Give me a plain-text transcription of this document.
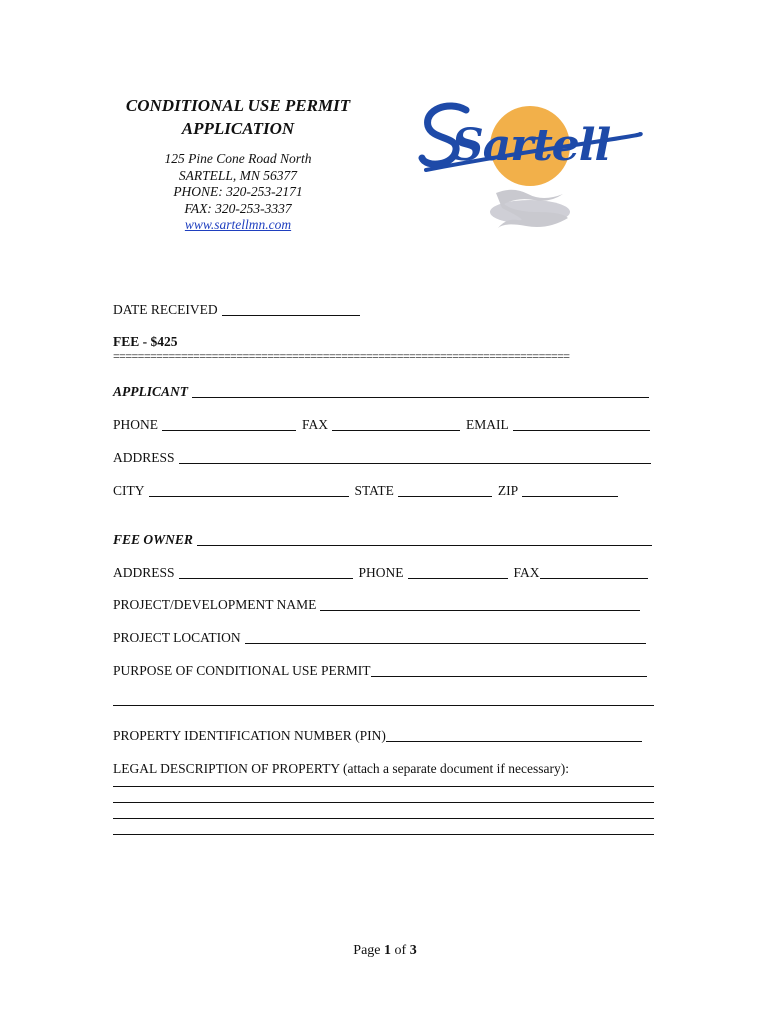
CONDITIONAL USE PERMIT
APPLICATION
125 Pine Cone Road North
SARTELL, MN 56377
PHONE: 320-253-2171
FAX: 320-253-3337
www.sartellmn.com
Sartell
DATE RECEIVED
FEE - $425
==========================================================================
APPLICANT
PHONE	FAX	EMAIL
ADDRESS
CITY	STATE	ZIP
FEE OWNER
ADDRESS	PHONE	FAX
PROJECT/DEVELOPMENT NAME
PROJECT LOCATION
PURPOSE OF CONDITIONAL USE PERMIT
PROPERTY IDENTIFICATION NUMBER (PIN)
LEGAL DESCRIPTION OF PROPERTY (attach a separate document if necessary):
Page 1 of 3
